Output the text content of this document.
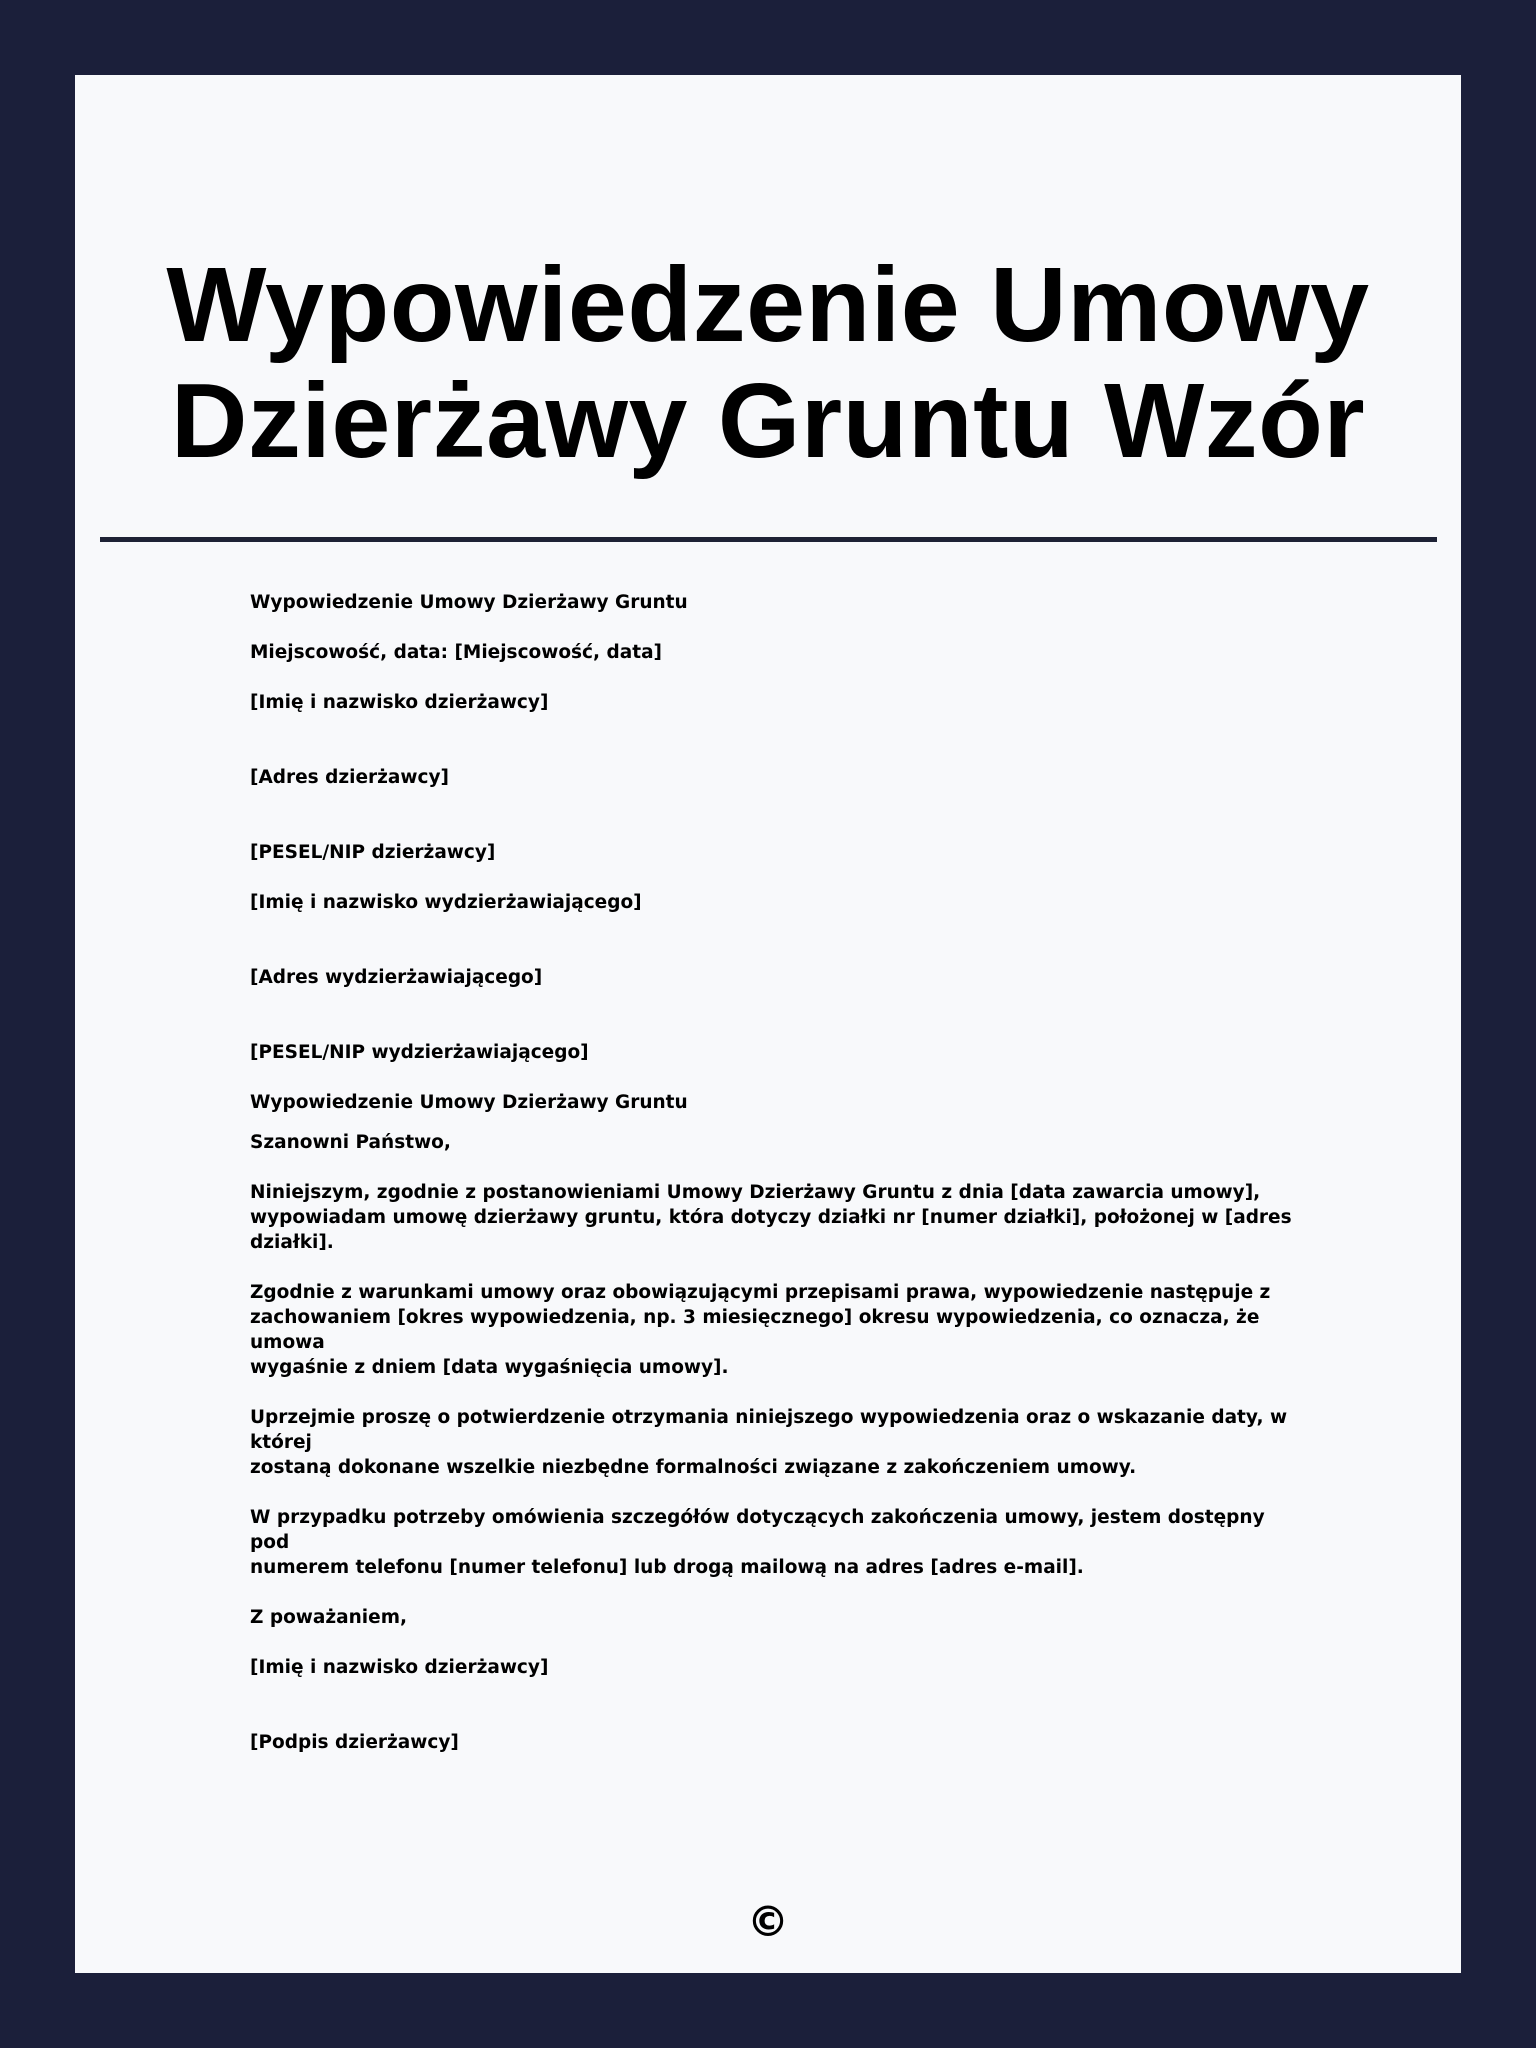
Wypowiedzenie Umowy
Dzierżawy Gruntu Wzór

Wypowiedzenie Umowy Dzierżawy Gruntu

Miejscowość, data: [Miejscowość, data]

[Imię i nazwisko dzierżawcy]

[Adres dzierżawcy]

[PESEL/NIP dzierżawcy]

[Imię i nazwisko wydzierżawiającego]

[Adres wydzierżawiającego]

[PESEL/NIP wydzierżawiającego]

Wypowiedzenie Umowy Dzierżawy Gruntu

Szanowni Państwo,

Niniejszym, zgodnie z postanowieniami Umowy Dzierżawy Gruntu z dnia [data zawarcia umowy],
wypowiadam umowę dzierżawy gruntu, która dotyczy działki nr [numer działki], położonej w [adres działki].

Zgodnie z warunkami umowy oraz obowiązującymi przepisami prawa, wypowiedzenie następuje z
zachowaniem [okres wypowiedzenia, np. 3 miesięcznego] okresu wypowiedzenia, co oznacza, że umowa
wygaśnie z dniem [data wygaśnięcia umowy].

Uprzejmie proszę o potwierdzenie otrzymania niniejszego wypowiedzenia oraz o wskazanie daty, w której
zostaną dokonane wszelkie niezbędne formalności związane z zakończeniem umowy.

W przypadku potrzeby omówienia szczegółów dotyczących zakończenia umowy, jestem dostępny pod
numerem telefonu [numer telefonu] lub drogą mailową na adres [adres e-mail].

Z poważaniem,

[Imię i nazwisko dzierżawcy]

[Podpis dzierżawcy]

©
